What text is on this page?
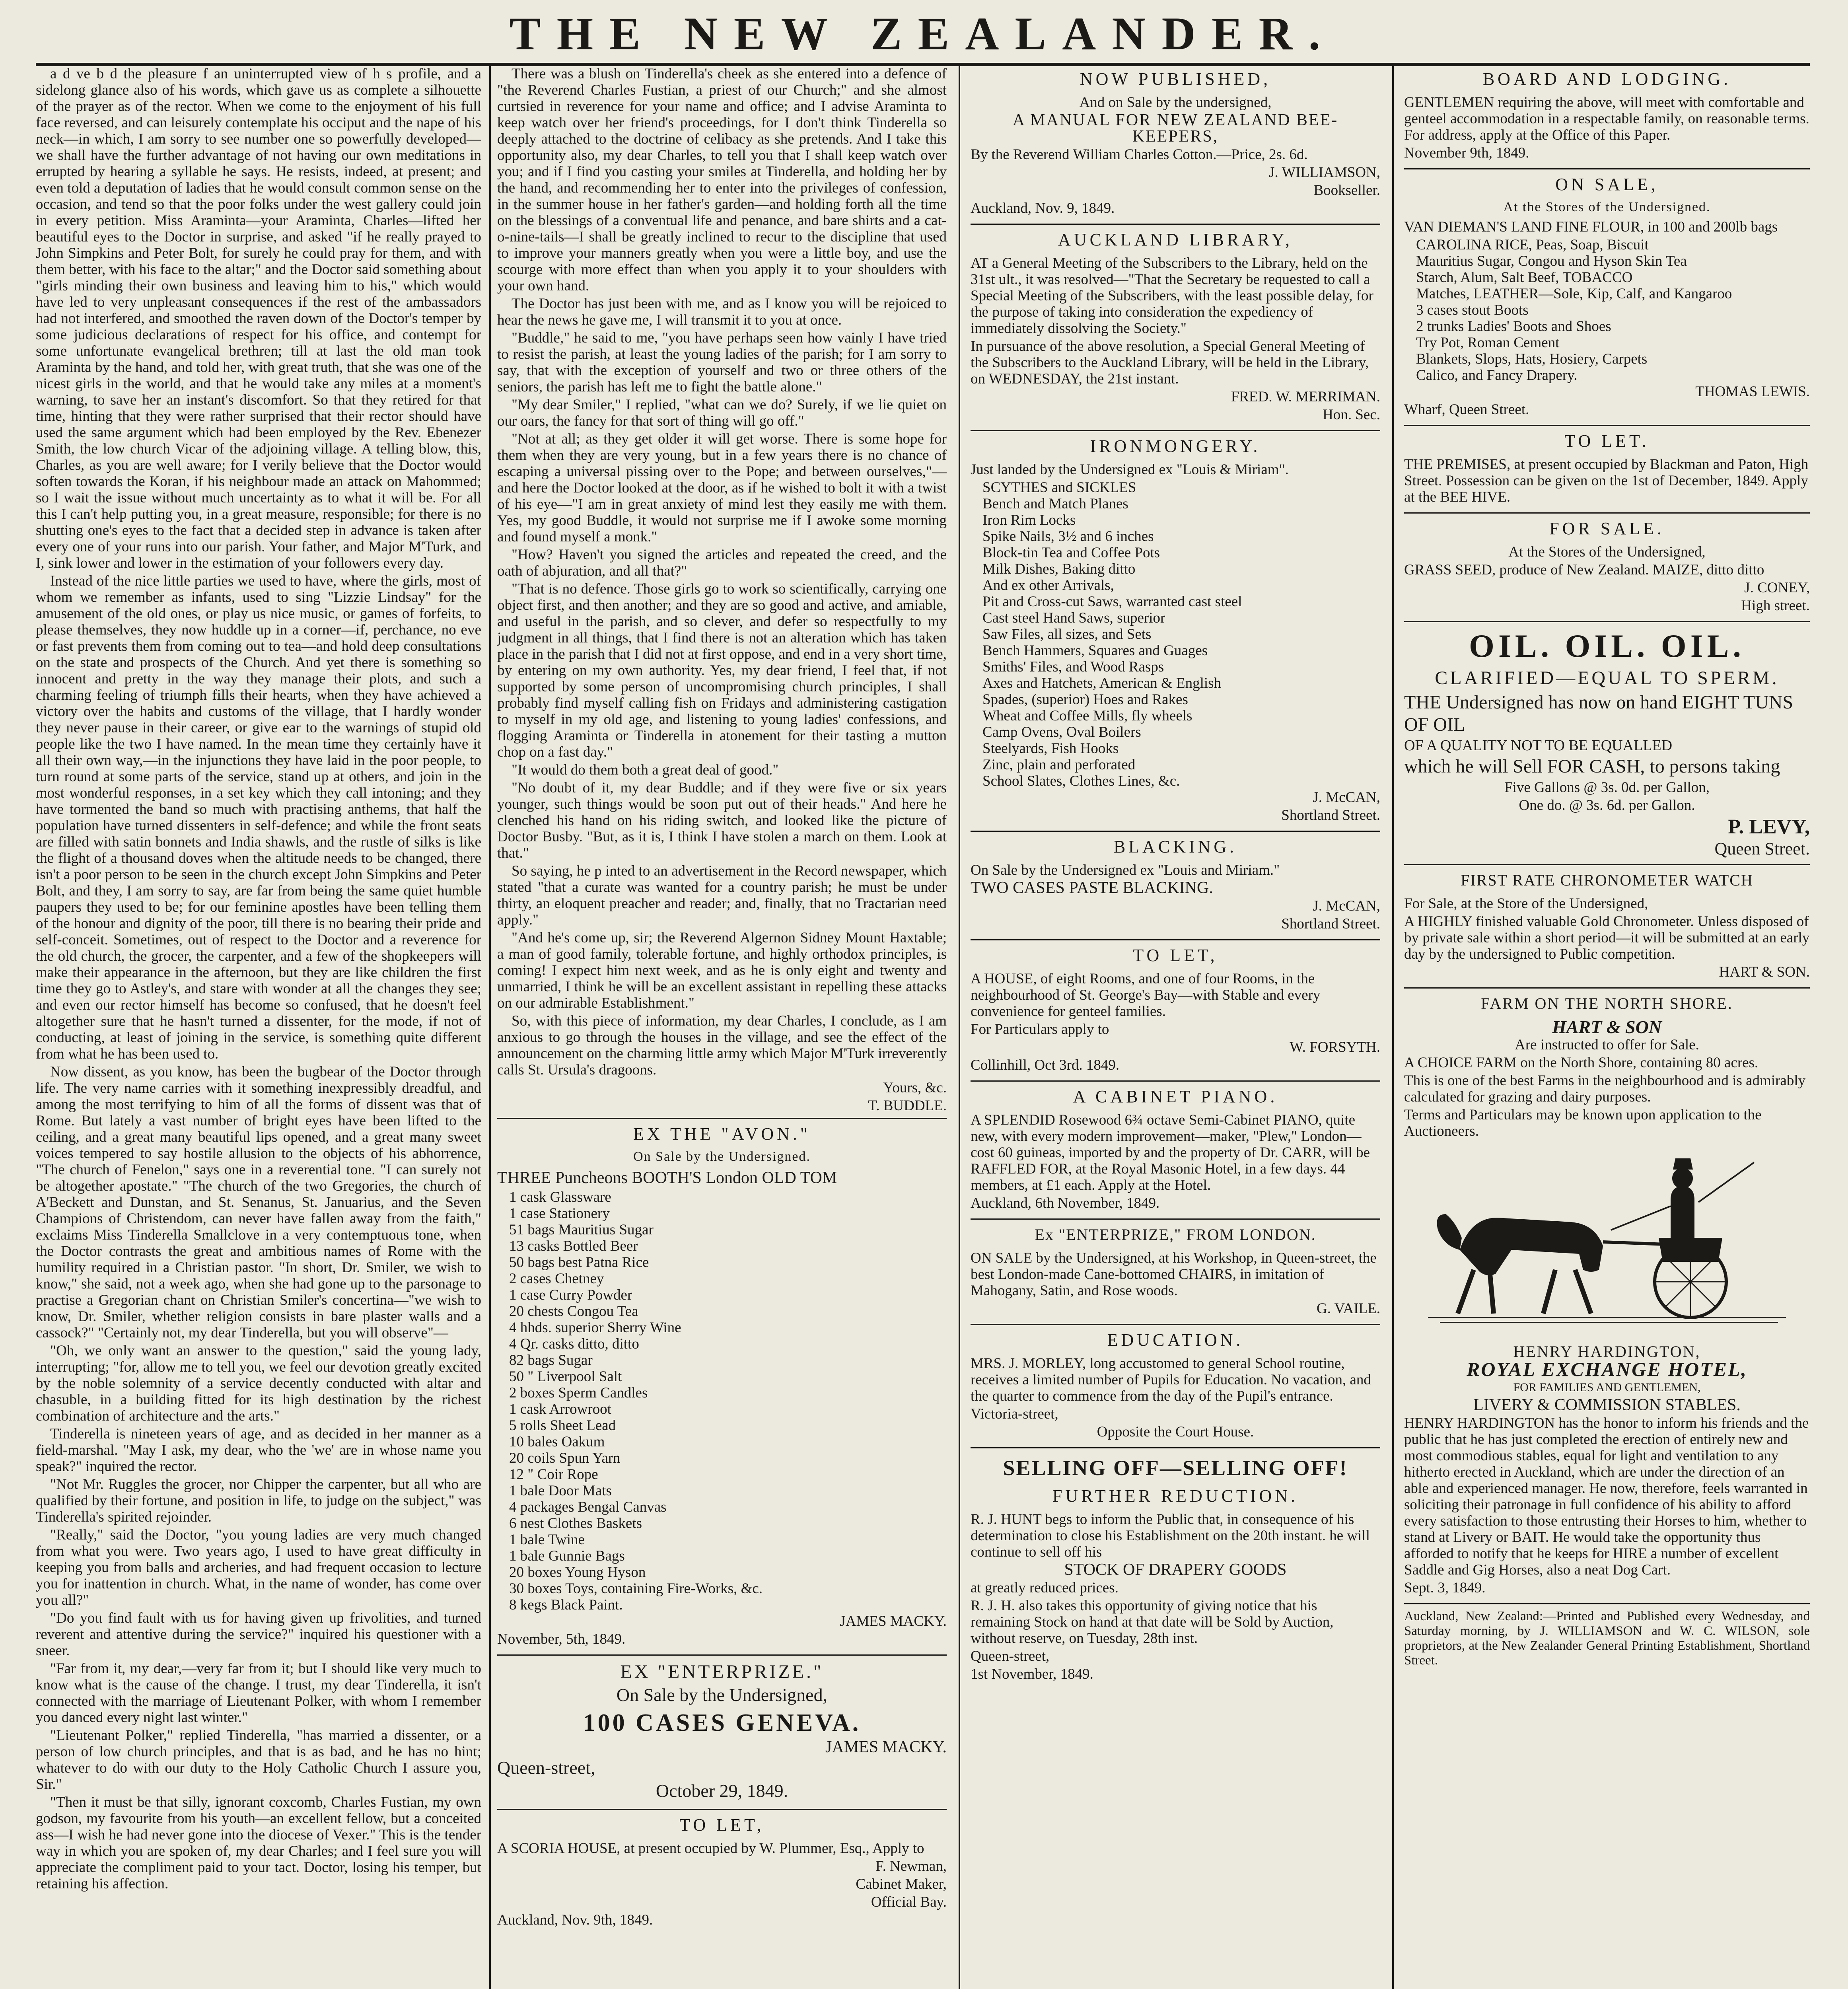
THE NEW ZEALANDER.

a d ve b d the pleasure f an uninterrupted view of h s profile, and a sidelong glance also of his words, which gave us as complete a silhouette of the prayer as of the rector. When we come to the enjoyment of his full face reversed, and can leisurely contemplate his occiput and the nape of his neck—in which, I am sorry to see number one so powerfully developed—we shall have the further advantage of not having our own meditations in errupted by hearing a syllable he says. He resists, indeed, at present; and even told a deputation of ladies that he would consult common sense on the occasion, and tend so that the poor folks under the west gallery could join in every petition. Miss Araminta—your Araminta, Charles—lifted her beautiful eyes to the Doctor in surprise, and asked "if he really prayed to John Simpkins and Peter Bolt, for surely he could pray for them, and with them better, with his face to the altar;" and the Doctor said something about "girls minding their own business and leaving him to his," which would have led to very unpleasant consequences if the rest of the ambassadors had not interfered, and smoothed the raven down of the Doctor's temper by some judicious declarations of respect for his office, and contempt for some unfortunate evangelical brethren; till at last the old man took Araminta by the hand, and told her, with great truth, that she was one of the nicest girls in the world, and that he would take any miles at a moment's warning, to save her an instant's discomfort. So that they retired for that time, hinting that they were rather surprised that their rector should have used the same argument which had been employed by the Rev. Ebenezer Smith, the low church Vicar of the adjoining village. A telling blow, this, Charles, as you are well aware; for I verily believe that the Doctor would soften towards the Koran, if his neighbour made an attack on Mahommed; so I wait the issue without much uncertainty as to what it will be. For all this I can't help putting you, in a great measure, responsible; for there is no shutting one's eyes to the fact that a decided step in advance is taken after every one of your runs into our parish. Your father, and Major M'Turk, and I, sink lower and lower in the estimation of your followers every day.

Instead of the nice little parties we used to have, where the girls, most of whom we remember as infants, used to sing "Lizzie Lindsay" for the amusement of the old ones, or play us nice music, or games of forfeits, to please themselves, they now huddle up in a corner—if, perchance, no eve or fast prevents them from coming out to tea—and hold deep consultations on the state and prospects of the Church. And yet there is something so innocent and pretty in the way they manage their plots, and such a charming feeling of triumph fills their hearts, when they have achieved a victory over the habits and customs of the village, that I hardly wonder they never pause in their career, or give ear to the warnings of stupid old people like the two I have named. In the mean time they certainly have it all their own way,—in the injunctions they have laid in the poor people, to turn round at some parts of the service, stand up at others, and join in the most wonderful responses, in a set key which they call intoning; and they have tormented the band so much with practising anthems, that half the population have turned dissenters in self-defence; and while the front seats are filled with satin bonnets and India shawls, and the rustle of silks is like the flight of a thousand doves when the altitude needs to be changed, there isn't a poor person to be seen in the church except John Simpkins and Peter Bolt, and they, I am sorry to say, are far from being the same quiet humble paupers they used to be; for our feminine apostles have been telling them of the honour and dignity of the poor, till there is no bearing their pride and self-conceit. Sometimes, out of respect to the Doctor and a reverence for the old church, the grocer, the carpenter, and a few of the shopkeepers will make their appearance in the afternoon, but they are like children the first time they go to Astley's, and stare with wonder at all the changes they see; and even our rector himself has become so confused, that he doesn't feel altogether sure that he hasn't turned a dissenter, for the mode, if not of conducting, at least of joining in the service, is something quite different from what he has been used to.

Now dissent, as you know, has been the bugbear of the Doctor through life. The very name carries with it something inexpressibly dreadful, and among the most terrifying to him of all the forms of dissent was that of Rome. But lately a vast number of bright eyes have been lifted to the ceiling, and a great many beautiful lips opened, and a great many sweet voices tempered to say hostile allusion to the objects of his abhorrence, "The church of Fenelon," says one in a reverential tone. "I can surely not be altogether apostate." "The church of the two Gregories, the church of A'Beckett and Dunstan, and St. Senanus, St. Januarius, and the Seven Champions of Christendom, can never have fallen away from the faith," exclaims Miss Tinderella Smallclove in a very contemptuous tone, when the Doctor contrasts the great and ambitious names of Rome with the humility required in a Christian pastor. "In short, Dr. Smiler, we wish to know," she said, not a week ago, when she had gone up to the parsonage to practise a Gregorian chant on Christian Smiler's concertina—"we wish to know, Dr. Smiler, whether religion consists in bare plaster walls and a cassock?" "Certainly not, my dear Tinderella, but you will observe"—

"Oh, we only want an answer to the question," said the young lady, interrupting; "for, allow me to tell you, we feel our devotion greatly excited by the noble solemnity of a service decently conducted with altar and chasuble, in a building fitted for its high destination by the richest combination of architecture and the arts."

Tinderella is nineteen years of age, and as decided in her manner as a field-marshal. "May I ask, my dear, who the 'we' are in whose name you speak?" inquired the rector.

"Not Mr. Ruggles the grocer, nor Chipper the carpenter, but all who are qualified by their fortune, and position in life, to judge on the subject," was Tinderella's spirited rejoinder.

"Really," said the Doctor, "you young ladies are very much changed from what you were. Two years ago, I used to have great difficulty in keeping you from balls and archeries, and had frequent occasion to lecture you for inattention in church. What, in the name of wonder, has come over you all?"

"Do you find fault with us for having given up frivolities, and turned reverent and attentive during the service?" inquired his questioner with a sneer.

"Far from it, my dear,—very far from it; but I should like very much to know what is the cause of the change. I trust, my dear Tinderella, it isn't connected with the marriage of Lieutenant Polker, with whom I remember you danced every night last winter."

"Lieutenant Polker," replied Tinderella, "has married a dissenter, or a person of low church principles, and that is as bad, and he has no hint; whatever to do with our duty to the Holy Catholic Church I assure you, Sir."

"Then it must be that silly, ignorant coxcomb, Charles Fustian, my own godson, my favourite from his youth—an excellent fellow, but a conceited ass—I wish he had never gone into the diocese of Vexer." This is the tender way in which you are spoken of, my dear Charles; and I feel sure you will appreciate the compliment paid to your tact. Doctor, losing his temper, but retaining his affection.

There was a blush on Tinderella's cheek as she entered into a defence of "the Reverend Charles Fustian, a priest of our Church;" and she almost curtsied in reverence for your name and office; and I advise Araminta to keep watch over her friend's proceedings, for I don't think Tinderella so deeply attached to the doctrine of celibacy as she pretends. And I take this opportunity also, my dear Charles, to tell you that I shall keep watch over you; and if I find you casting your smiles at Tinderella, and holding her by the hand, and recommending her to enter into the privileges of confession, in the summer house in her father's garden—and holding forth all the time on the blessings of a conventual life and penance, and bare shirts and a cat-o-nine-tails—I shall be greatly inclined to recur to the discipline that used to improve your manners greatly when you were a little boy, and use the scourge with more effect than when you apply it to your shoulders with your own hand.

The Doctor has just been with me, and as I know you will be rejoiced to hear the news he gave me, I will transmit it to you at once.

"Buddle," he said to me, "you have perhaps seen how vainly I have tried to resist the parish, at least the young ladies of the parish; for I am sorry to say, that with the exception of yourself and two or three others of the seniors, the parish has left me to fight the battle alone."

"My dear Smiler," I replied, "what can we do? Surely, if we lie quiet on our oars, the fancy for that sort of thing will go off."

"Not at all; as they get older it will get worse. There is some hope for them when they are very young, but in a few years there is no chance of escaping a universal pissing over to the Pope; and between ourselves,"—and here the Doctor looked at the door, as if he wished to bolt it with a twist of his eye—"I am in great anxiety of mind lest they easily me with them. Yes, my good Buddle, it would not surprise me if I awoke some morning and found myself a monk."

"How? Haven't you signed the articles and repeated the creed, and the oath of abjuration, and all that?"

"That is no defence. Those girls go to work so scientifically, carrying one object first, and then another; and they are so good and active, and amiable, and useful in the parish, and so clever, and defer so respectfully to my judgment in all things, that I find there is not an alteration which has taken place in the parish that I did not at first oppose, and end in a very short time, by entering on my own authority. Yes, my dear friend, I feel that, if not supported by some person of uncompromising church principles, I shall probably find myself calling fish on Fridays and administering castigation to myself in my old age, and listening to young ladies' confessions, and flogging Araminta or Tinderella in atonement for their tasting a mutton chop on a fast day."

"It would do them both a great deal of good."

"No doubt of it, my dear Buddle; and if they were five or six years younger, such things would be soon put out of their heads." And here he clenched his hand on his riding switch, and looked like the picture of Doctor Busby. "But, as it is, I think I have stolen a march on them. Look at that."

So saying, he p inted to an advertisement in the Record newspaper, which stated "that a curate was wanted for a country parish; he must be under thirty, an eloquent preacher and reader; and, finally, that no Tractarian need apply."

"And he's come up, sir; the Reverend Algernon Sidney Mount Haxtable; a man of good family, tolerable fortune, and highly orthodox principles, is coming! I expect him next week, and as he is only eight and twenty and unmarried, I think he will be an excellent assistant in repelling these attacks on our admirable Establishment."

So, with this piece of information, my dear Charles, I conclude, as I am anxious to go through the houses in the village, and see the effect of the announcement on the charming little army which Major M'Turk irreverently calls St. Ursula's dragoons.

Yours, &c.

T. BUDDLE.

EX THE "AVON."
On Sale by the Undersigned.

THREE Puncheons BOOTH'S London OLD TOM

1 cask Glassware

1 case Stationery

51 bags Mauritius Sugar

13 casks Bottled Beer

50 bags best Patna Rice

2 cases Chetney

1 case Curry Powder

20 chests Congou Tea

4 hhds. superior Sherry Wine

4 Qr. casks ditto, ditto

82 bags Sugar

50 " Liverpool Salt

2 boxes Sperm Candles

1 cask Arrowroot

5 rolls Sheet Lead

10 bales Oakum

20 coils Spun Yarn

12 " Coir Rope

1 bale Door Mats

4 packages Bengal Canvas

6 nest Clothes Baskets

1 bale Twine

1 bale Gunnie Bags

20 boxes Young Hyson

30 boxes Toys, containing Fire-Works, &c.

8 kegs Black Paint.

JAMES MACKY.

November, 5th, 1849.

EX "ENTERPRIZE."

On Sale by the Undersigned,

100 CASES GENEVA.

JAMES MACKY.

Queen-street,

October 29, 1849.

TO LET,

A SCORIA HOUSE, at present occupied by W. Plummer, Esq., Apply to

F. Newman,

Cabinet Maker,

Official Bay.

Auckland, Nov. 9th, 1849.

NOW PUBLISHED,

And on Sale by the undersigned,

A MANUAL FOR NEW ZEALAND BEE-KEEPERS,

By the Reverend William Charles Cotton.—Price, 2s. 6d.

J. WILLIAMSON,

Bookseller.

Auckland, Nov. 9, 1849.

AUCKLAND LIBRARY,

AT a General Meeting of the Subscribers to the Library, held on the 31st ult., it was resolved—"That the Secretary be requested to call a Special Meeting of the Subscribers, with the least possible delay, for the purpose of taking into consideration the expediency of immediately dissolving the Society."

In pursuance of the above resolution, a Special General Meeting of the Subscribers to the Auckland Library, will be held in the Library, on WEDNESDAY, the 21st instant.

FRED. W. MERRIMAN.

Hon. Sec.

IRONMONGERY.

Just landed by the Undersigned ex "Louis & Miriam".

SCYTHES and SICKLES

Bench and Match Planes

Iron Rim Locks

Spike Nails, 3½ and 6 inches

Block-tin Tea and Coffee Pots

Milk Dishes, Baking ditto

And ex other Arrivals,

Pit and Cross-cut Saws, warranted cast steel

Cast steel Hand Saws, superior

Saw Files, all sizes, and Sets

Bench Hammers, Squares and Guages

Smiths' Files, and Wood Rasps

Axes and Hatchets, American & English

Spades, (superior) Hoes and Rakes

Wheat and Coffee Mills, fly wheels

Camp Ovens, Oval Boilers

Steelyards, Fish Hooks

Zinc, plain and perforated

School Slates, Clothes Lines, &c.

J. McCAN,

Shortland Street.

BLACKING.

On Sale by the Undersigned ex "Louis and Miriam."

TWO CASES PASTE BLACKING.

J. McCAN,

Shortland Street.

TO LET,

A HOUSE, of eight Rooms, and one of four Rooms, in the neighbourhood of St. George's Bay—with Stable and every convenience for genteel families.

For Particulars apply to

W. FORSYTH.

Collinhill, Oct 3rd. 1849.

A CABINET PIANO.

A SPLENDID Rosewood 6¾ octave Semi-Cabinet PIANO, quite new, with every modern improvement—maker, "Plew," London—cost 60 guineas, imported by and the property of Dr. CARR, will be RAFFLED FOR, at the Royal Masonic Hotel, in a few days. 44 members, at £1 each. Apply at the Hotel.

Auckland, 6th November, 1849.

Ex "ENTERPRIZE," FROM LONDON.

ON SALE by the Undersigned, at his Workshop, in Queen-street, the best London-made Cane-bottomed CHAIRS, in imitation of Mahogany, Satin, and Rose woods.

G. VAILE.

EDUCATION.

MRS. J. MORLEY, long accustomed to general School routine, receives a limited number of Pupils for Education. No vacation, and the quarter to commence from the day of the Pupil's entrance.

Victoria-street,

Opposite the Court House.

SELLING OFF—SELLING OFF!

FURTHER REDUCTION.

R. J. HUNT begs to inform the Public that, in consequence of his determination to close his Establishment on the 20th instant. he will continue to sell off his

STOCK OF DRAPERY GOODS

at greatly reduced prices.

R. J. H. also takes this opportunity of giving notice that his remaining Stock on hand at that date will be Sold by Auction, without reserve, on Tuesday, 28th inst.

Queen-street,

1st November, 1849.

BOARD AND LODGING.

GENTLEMEN requiring the above, will meet with comfortable and genteel accommodation in a respectable family, on reasonable terms. For address, apply at the Office of this Paper.

November 9th, 1849.

ON SALE,
At the Stores of the Undersigned.

VAN DIEMAN'S LAND FINE FLOUR, in 100 and 200lb bags

CAROLINA RICE, Peas, Soap, Biscuit

Mauritius Sugar, Congou and Hyson Skin Tea

Starch, Alum, Salt Beef, TOBACCO

Matches, LEATHER—Sole, Kip, Calf, and Kangaroo

3 cases stout Boots

2 trunks Ladies' Boots and Shoes

Try Pot, Roman Cement

Blankets, Slops, Hats, Hosiery, Carpets

Calico, and Fancy Drapery.

THOMAS LEWIS.

Wharf, Queen Street.

TO LET.

THE PREMISES, at present occupied by Blackman and Paton, High Street. Possession can be given on the 1st of December, 1849. Apply at the BEE HIVE.

FOR SALE.

At the Stores of the Undersigned,

GRASS SEED, produce of New Zealand. MAIZE, ditto ditto

J. CONEY,

High street.

OIL. OIL. OIL.

CLARIFIED—EQUAL TO SPERM.

THE Undersigned has now on hand EIGHT TUNS OF OIL

OF A QUALITY NOT TO BE EQUALLED

which he will Sell FOR CASH, to persons taking

Five Gallons @ 3s. 0d. per Gallon,

One do. @ 3s. 6d. per Gallon.

P. LEVY,

Queen Street.

FIRST RATE CHRONOMETER WATCH

For Sale, at the Store of the Undersigned,

A HIGHLY finished valuable Gold Chronometer. Unless disposed of by private sale within a short period—it will be submitted at an early day by the undersigned to Public competition.

HART & SON.

FARM ON THE NORTH SHORE.

HART & SON

Are instructed to offer for Sale.

A CHOICE FARM on the North Shore, containing 80 acres.

This is one of the best Farms in the neighbourhood and is admirably calculated for grazing and dairy purposes.

Terms and Particulars may be known upon application to the Auctioneers.

HENRY HARDINGTON,

ROYAL EXCHANGE HOTEL,

FOR FAMILIES AND GENTLEMEN,

LIVERY & COMMISSION STABLES.

HENRY HARDINGTON has the honor to inform his friends and the public that he has just completed the erection of entirely new and most commodious stables, equal for light and ventilation to any hitherto erected in Auckland, which are under the direction of an able and experienced manager. He now, therefore, feels warranted in soliciting their patronage in full confidence of his ability to afford every satisfaction to those entrusting their Horses to him, whether to stand at Livery or BAIT. He would take the opportunity thus afforded to notify that he keeps for HIRE a number of excellent Saddle and Gig Horses, also a neat Dog Cart.

Sept. 3, 1849.

Auckland, New Zealand:—Printed and Published every Wednesday, and Saturday morning, by J. WILLIAMSON and W. C. WILSON, sole proprietors, at the New Zealander General Printing Establishment, Shortland Street.
